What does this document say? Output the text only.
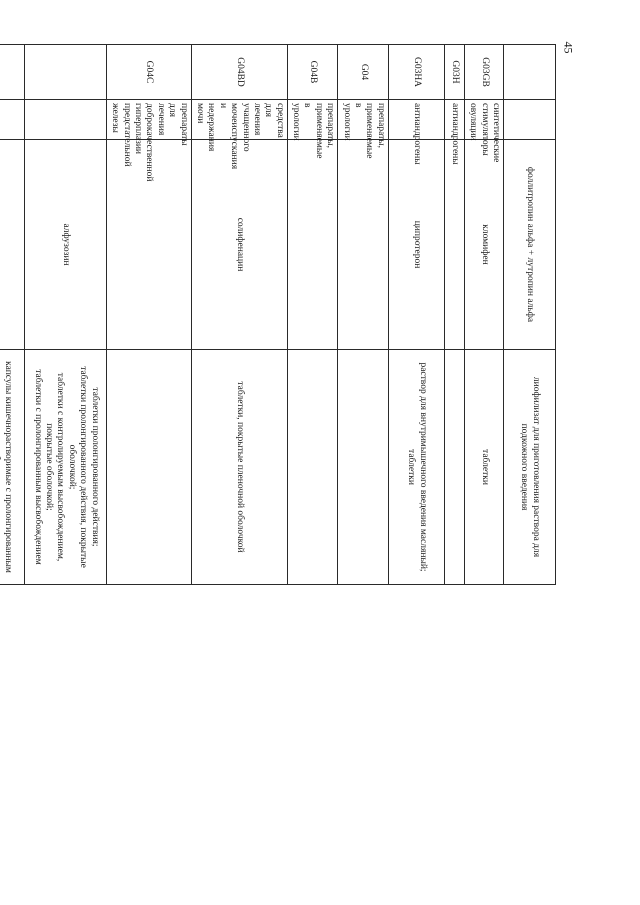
45
		фоллитропин альфа + лутропин альфа	лиофилизат для приготовления раствора для подкожного введения

G03GB	синтетические стимуляторы овуляции	кломифен	таблетки

G03H	антиандрогены		
G03HA	антиандрогены	ципротерон	раствор для внутримышечного введения масляный;
таблетки

G04	препараты, применяемые в урологии		
G04B	препараты, применяемые в урологии		
G04BD	средства для лечения учащенного мочеиспускания и недержания мочи	солифенацин	таблетки, покрытые пленочной оболочкой

G04C	препараты для лечения доброкачественной гиперплазии предстательной железы		
		алфузозин	таблетки пролонгированного действия;
таблетки пролонгированного действия, покрытые оболочкой;
таблетки с контролируемым высвобождением, покрытые оболочкой;
таблетки с пролонгированным высвобождением

капсулы кишечнорастворимые с пролонгированным
